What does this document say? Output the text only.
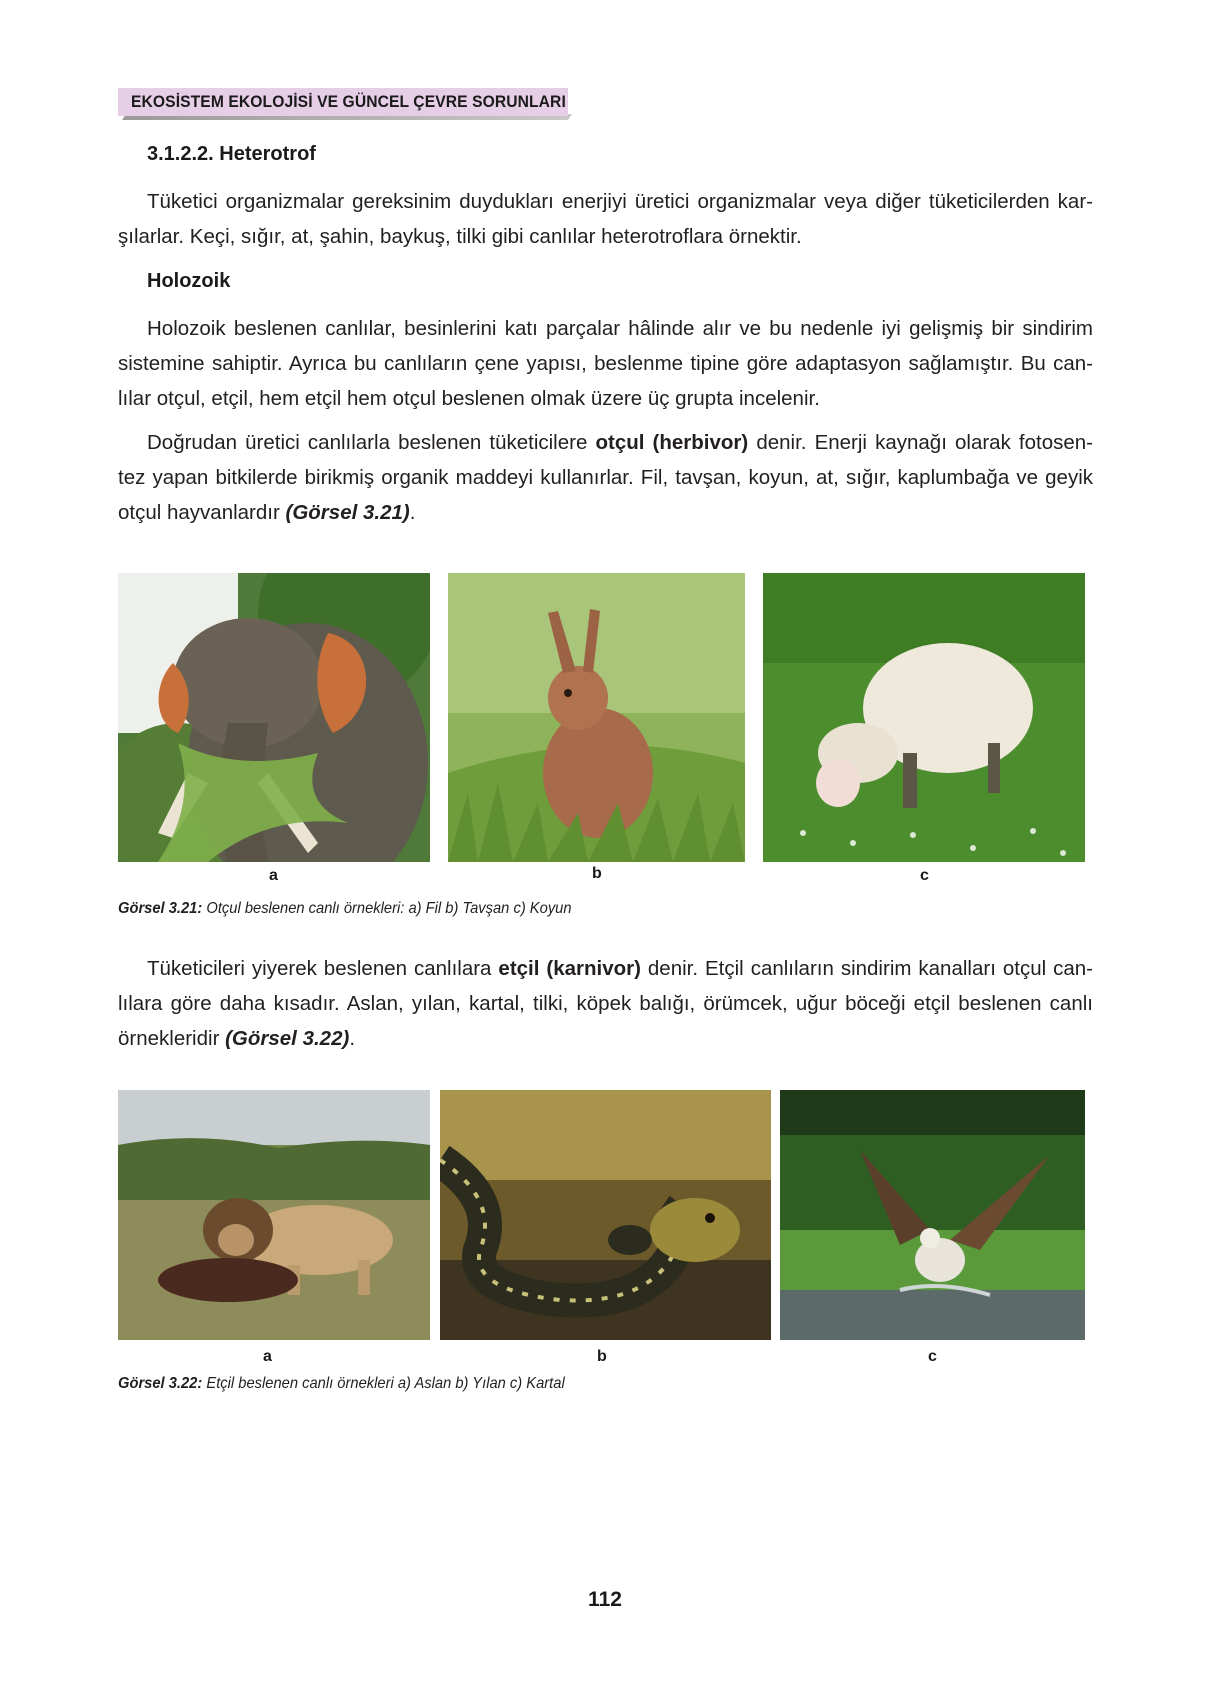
EKOSİSTEM EKOLOJİSİ VE GÜNCEL ÇEVRE SORUNLARI
3.1.2.2. Heterotrof
Tüketici organizmalar gereksinim duydukları enerjiyi üretici organizmalar veya diğer tüketicilerden kar-
şılarlar. Keçi, sığır, at, şahin, baykuş, tilki gibi canlılar heterotroflara örnektir.
Holozoik
Holozoik beslenen canlılar, besinlerini katı parçalar hâlinde alır ve bu nedenle iyi gelişmiş bir sindirim
sistemine sahiptir. Ayrıca bu canlıların çene yapısı, beslenme tipine göre adaptasyon sağlamıştır. Bu can-
lılar otçul, etçil, hem etçil hem otçul beslenen olmak üzere üç grupta incelenir.
Doğrudan üretici canlılarla beslenen tüketicilere otçul (herbivor) denir. Enerji kaynağı olarak fotosen-
tez yapan bitkilerde birikmiş organik maddeyi kullanırlar. Fil, tavşan, koyun, at, sığır, kaplumbağa ve geyik
otçul hayvanlardır (Görsel 3.21).
a	b	c
Görsel 3.21: Otçul beslenen canlı örnekleri: a) Fil b) Tavşan c) Koyun
Tüketicileri yiyerek beslenen canlılara etçil (karnivor) denir. Etçil canlıların sindirim kanalları otçul can-
lılara göre daha kısadır. Aslan, yılan, kartal, tilki, köpek balığı, örümcek, uğur böceği etçil beslenen canlı
örnekleridir (Görsel 3.22).
a	b	c
Görsel 3.22: Etçil beslenen canlı örnekleri a) Aslan b) Yılan c) Kartal
112
